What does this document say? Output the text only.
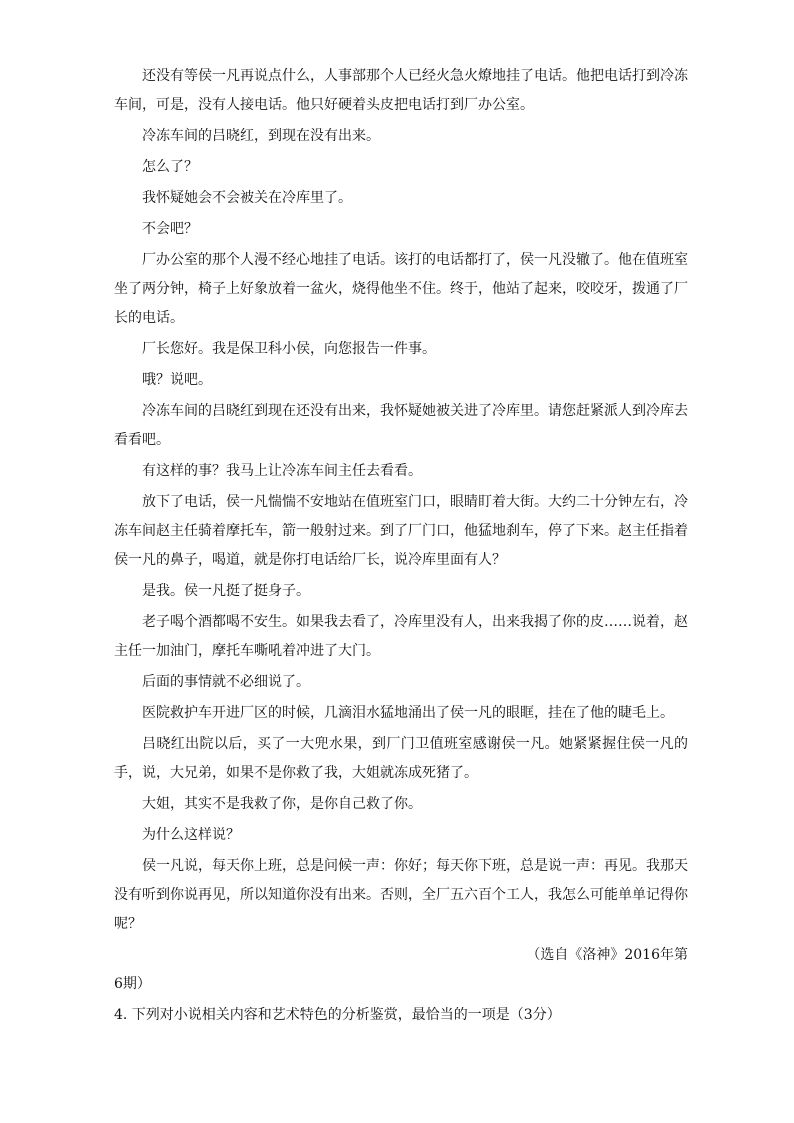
还没有等侯一凡再说点什么，人事部那个人已经火急火燎地挂了电话。他把电话打到冷冻车间，可是，没有人接电话。他只好硬着头皮把电话打到厂办公室。

冷冻车间的吕晓红，到现在没有出来。

怎么了？

我怀疑她会不会被关在冷库里了。

不会吧？

厂办公室的那个人漫不经心地挂了电话。该打的电话都打了，侯一凡没辙了。他在值班室坐了两分钟，椅子上好象放着一盆火，烧得他坐不住。终于，他站了起来，咬咬牙，拨通了厂长的电话。

厂长您好。我是保卫科小侯，向您报告一件事。

哦？说吧。

冷冻车间的吕晓红到现在还没有出来，我怀疑她被关进了冷库里。请您赶紧派人到冷库去看看吧。

有这样的事？我马上让冷冻车间主任去看看。

放下了电话，侯一凡惴惴不安地站在值班室门口，眼睛盯着大街。大约二十分钟左右，冷冻车间赵主任骑着摩托车，箭一般射过来。到了厂门口，他猛地刹车，停了下来。赵主任指着侯一凡的鼻子，喝道，就是你打电话给厂长，说冷库里面有人？

是我。侯一凡挺了挺身子。

老子喝个酒都喝不安生。如果我去看了，冷库里没有人，出来我揭了你的皮……说着，赵主任一加油门，摩托车嘶吼着冲进了大门。

后面的事情就不必细说了。

医院救护车开进厂区的时候，几滴泪水猛地涌出了侯一凡的眼眶，挂在了他的睫毛上。

吕晓红出院以后，买了一大兜水果，到厂门卫值班室感谢侯一凡。她紧紧握住侯一凡的手，说，大兄弟，如果不是你救了我，大姐就冻成死猪了。

大姐，其实不是我救了你，是你自己救了你。

为什么这样说？

侯一凡说，每天你上班，总是问候一声：你好；每天你下班，总是说一声：再见。我那天没有听到你说再见，所以知道你没有出来。否则，全厂五六百个工人，我怎么可能单单记得你呢？

（选自《洛神》2016年第

6期）

4. 下列对小说相关内容和艺术特色的分析鉴赏，最恰当的一项是（3分）
